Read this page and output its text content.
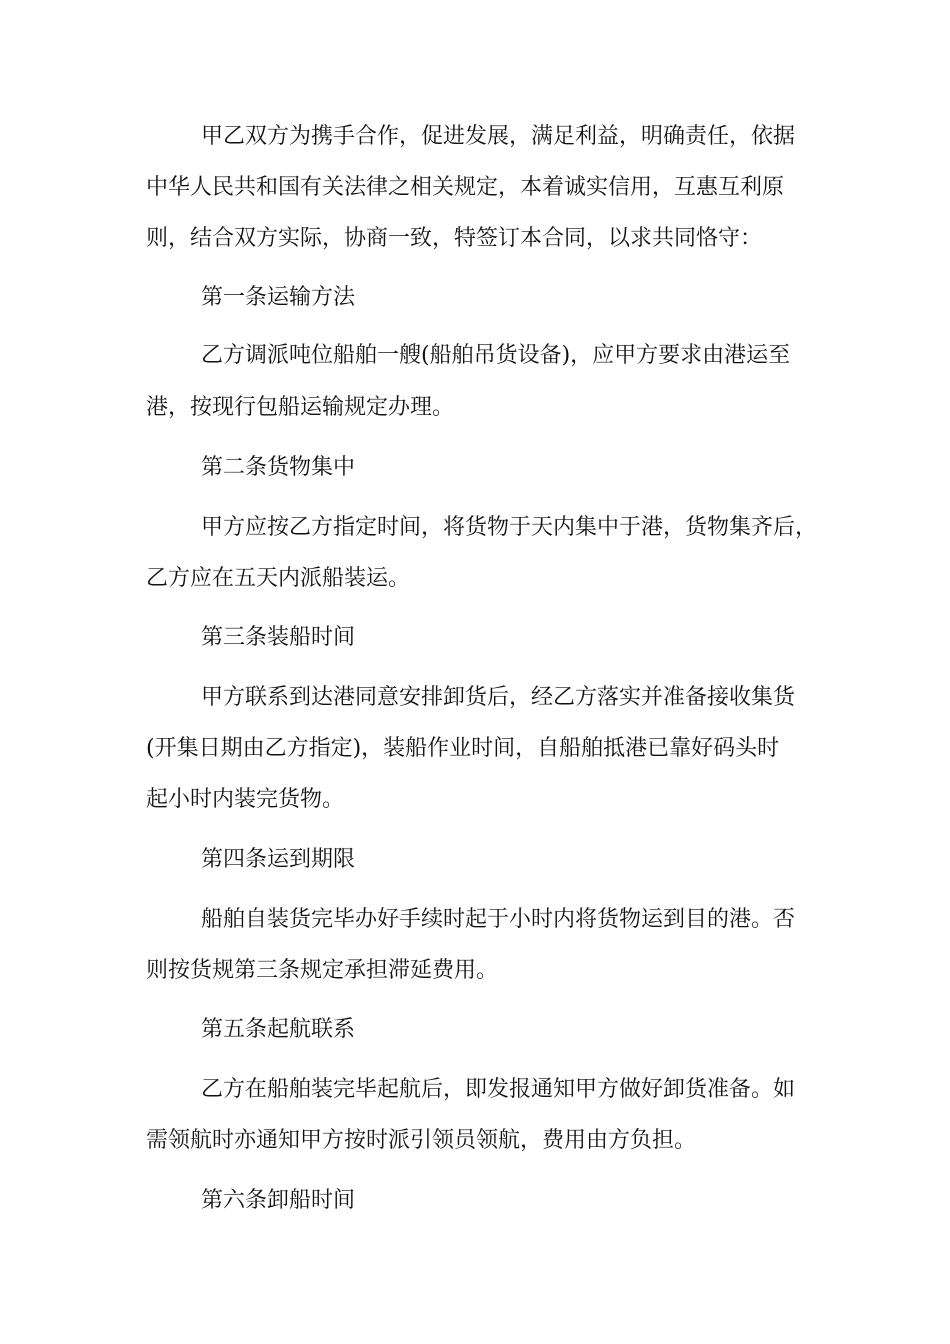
甲乙双方为携手合作，促进发展，满足利益，明确责任，依据
中华人民共和国有关法律之相关规定，本着诚实信用，互惠互利原
则，结合双方实际，协商一致，特签订本合同，以求共同恪守：
第一条运输方法
乙方调派吨位船舶一艘(船舶吊货设备)，应甲方要求由港运至
港，按现行包船运输规定办理。
第二条货物集中
甲方应按乙方指定时间，将货物于天内集中于港，货物集齐后，
乙方应在五天内派船装运。
第三条装船时间
甲方联系到达港同意安排卸货后，经乙方落实并准备接收集货
(开集日期由乙方指定)，装船作业时间，自船舶抵港已靠好码头时
起小时内装完货物。
第四条运到期限
船舶自装货完毕办好手续时起于小时内将货物运到目的港。否
则按货规第三条规定承担滞延费用。
第五条起航联系
乙方在船舶装完毕起航后，即发报通知甲方做好卸货准备。如
需领航时亦通知甲方按时派引领员领航，费用由方负担。
第六条卸船时间
